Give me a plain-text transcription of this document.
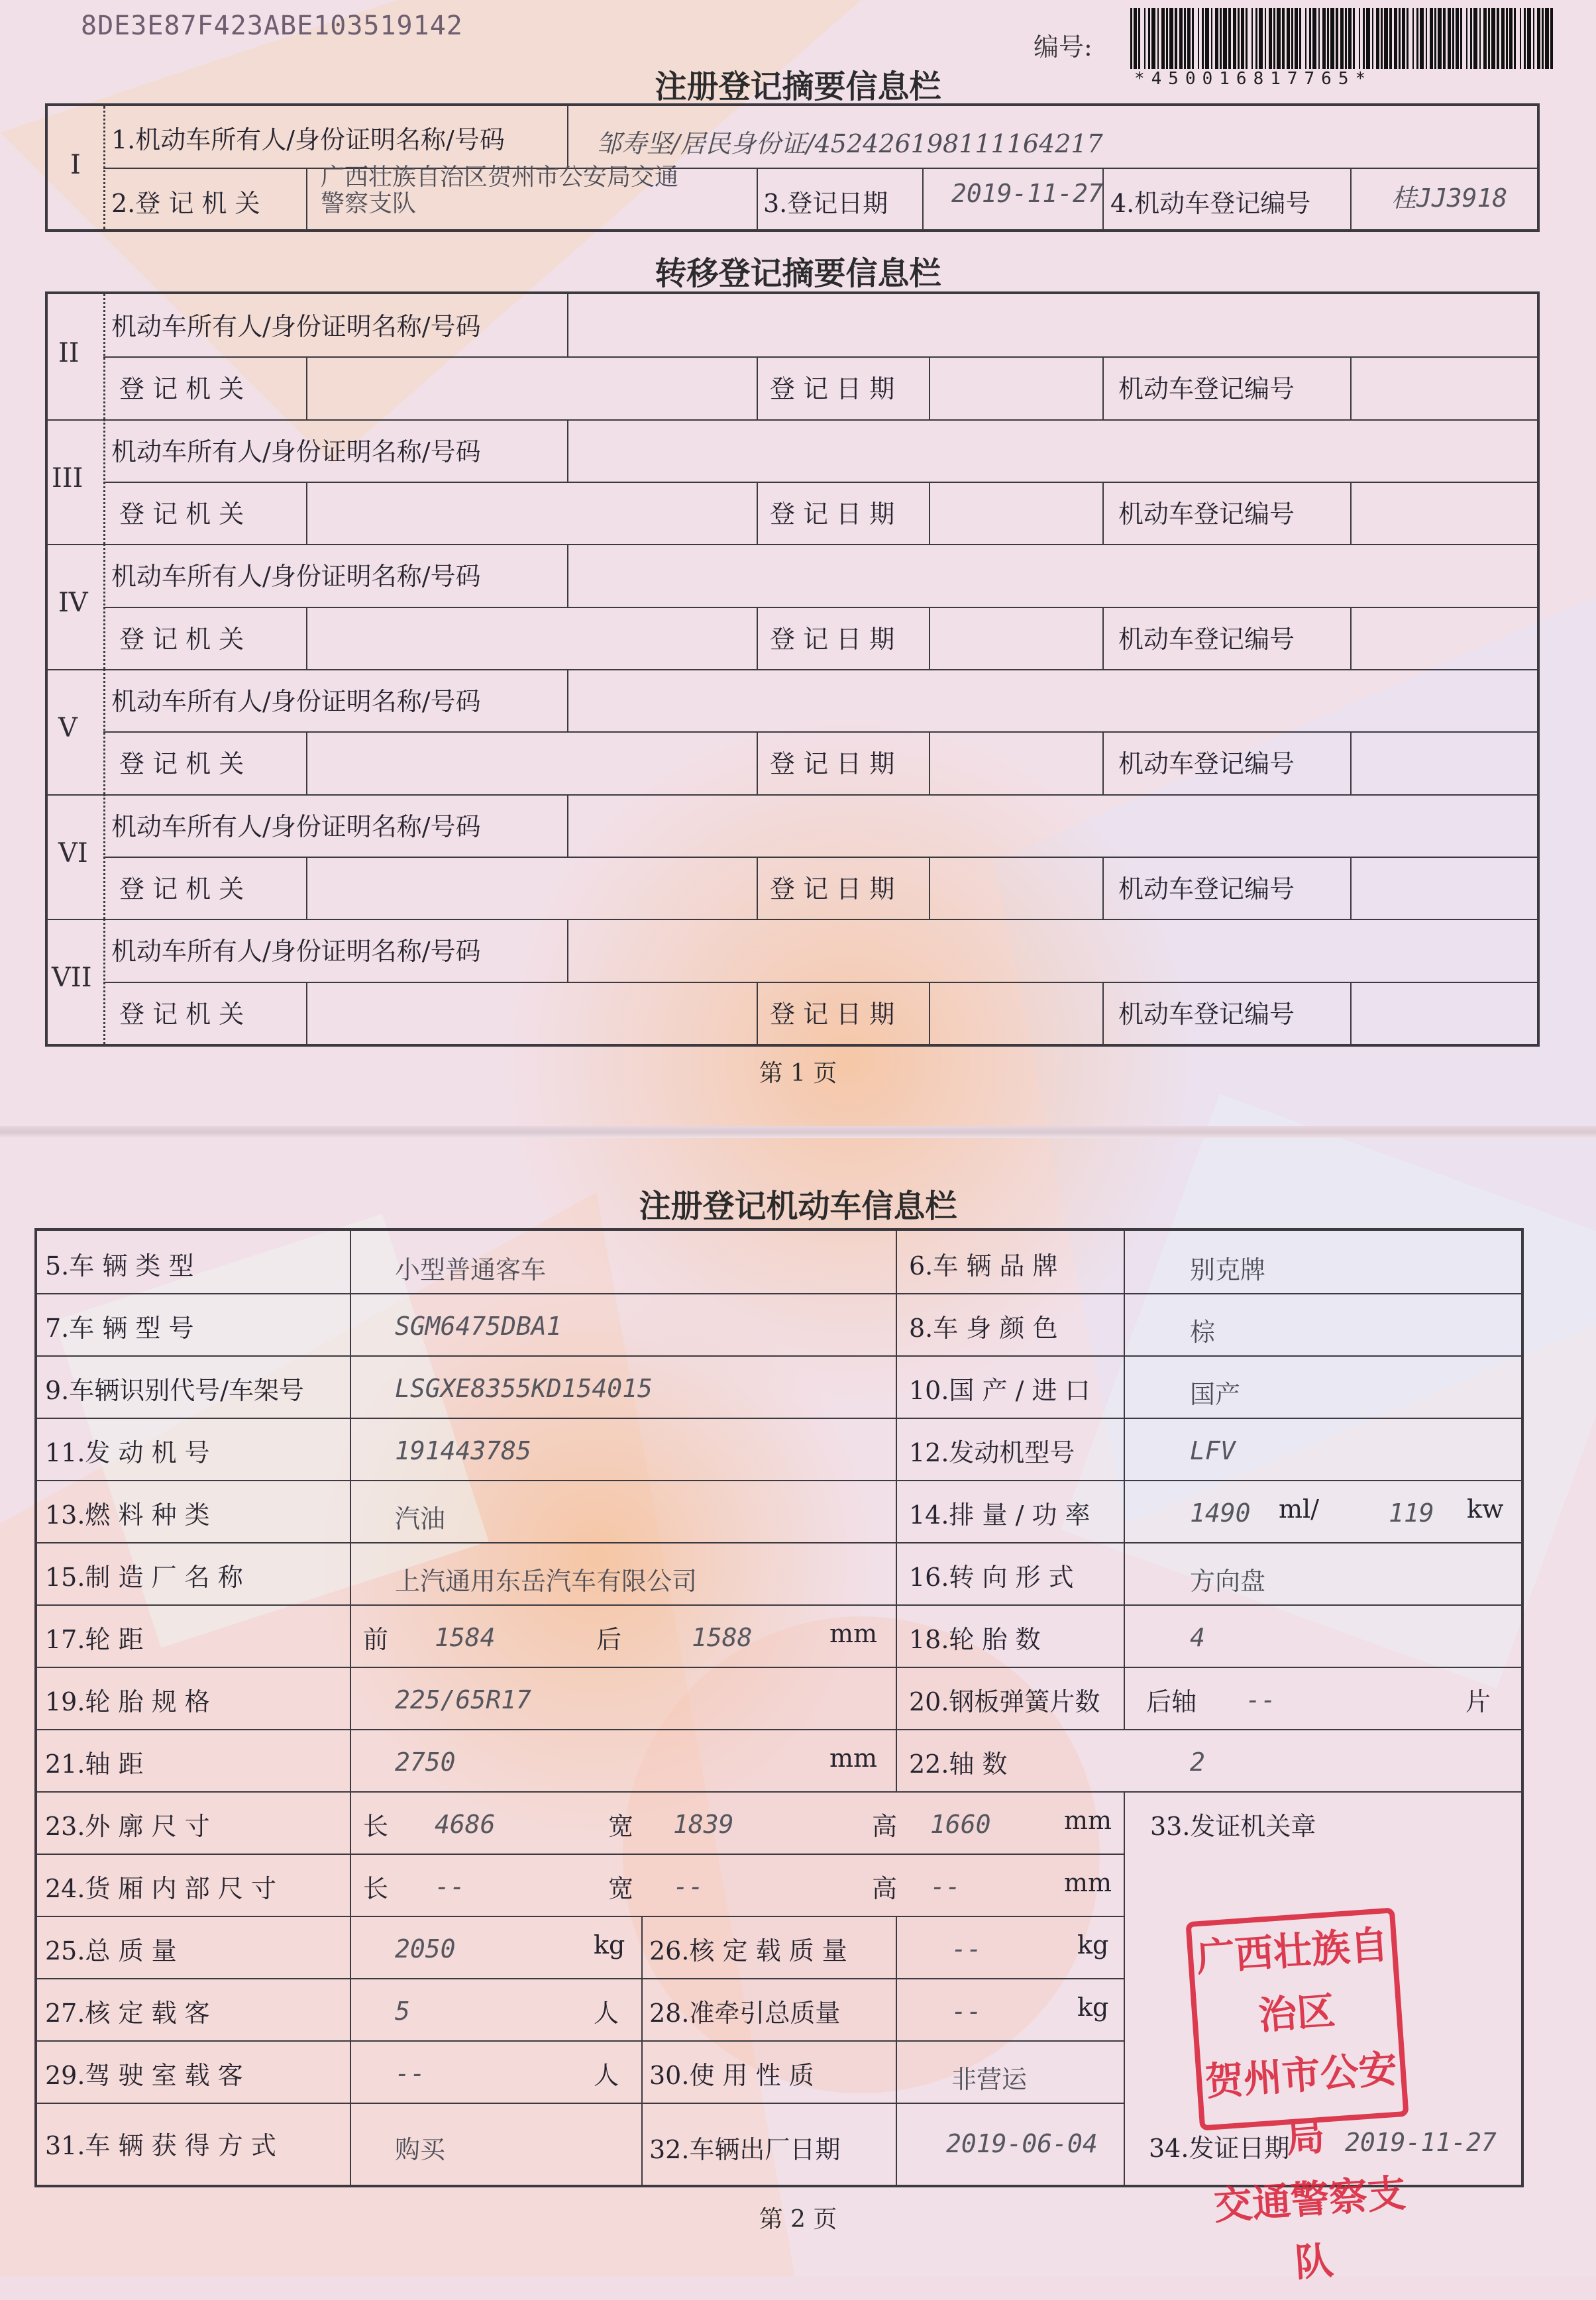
8DE3E87F423ABE103519142
编号:
*450016817765*
注册登记摘要信息栏
I
1.机动车所有人/身份证明名称/号码	邹寿坚/居民身份证/452426198111164217
2.登 记 机 关
广西壮族自治区贺州市公安局交通
警察支队	3.登记日期	2019-11-27 4.机动车登记编号	桂JJ3918
转移登记摘要信息栏
II
机动车所有人/身份证明名称/号码
登 记 机 关	登 记 日 期	机动车登记编号
III
机动车所有人/身份证明名称/号码
登 记 机 关	登 记 日 期	机动车登记编号
IV
机动车所有人/身份证明名称/号码
登 记 机 关	登 记 日 期	机动车登记编号
V
机动车所有人/身份证明名称/号码
登 记 机 关	登 记 日 期	机动车登记编号
VI
机动车所有人/身份证明名称/号码
登 记 机 关	登 记 日 期	机动车登记编号
VII
机动车所有人/身份证明名称/号码
登 记 机 关	登 记 日 期	机动车登记编号
第 1 页
注册登记机动车信息栏
5.车 辆 类 型	小型普通客车	6.车 辆 品 牌	别克牌
7.车 辆 型 号	SGM6475DBA1	8.车 身 颜 色	棕
9.车辆识别代号/车架号	LSGXE8355KD154015	10.国 产 / 进 口	国产
11.发 动 机 号	191443785	12.发动机型号	LFV
13.燃 料 种 类	汽油	14.排 量 / 功 率	1490 ml/	119 kw
15.制 造 厂 名 称	上汽通用东岳汽车有限公司	16.转 向 形 式	方向盘
17.轮 距	前 1584	后	1588	mm 18.轮 胎 数	4
19.轮 胎 规 格	225/65R17	20.钢板弹簧片数 后轴 --	片
21.轴 距	2750	mm 22.轴 数	2
23.外 廓 尺 寸	长 4686	宽 1839	高 1660	mm 33.发证机关章
24.货 厢 内 部 尺 寸	长 --	宽 --	高 --	mm
25.总 质 量	2050	kg 26.核 定 载 质 量	--	kg
27.核 定 载 客	5	人 28.准牵引总质量	--	kg
29.驾 驶 室 载 客	--	人 30.使 用 性 质	非营运
31.车 辆 获 得 方 式	购买	32.车辆出厂日期	2019-06-04 34.发证日期 2019-11-27
广西壮族自治区
贺州市公安局
交通警察支队
第 2 页
